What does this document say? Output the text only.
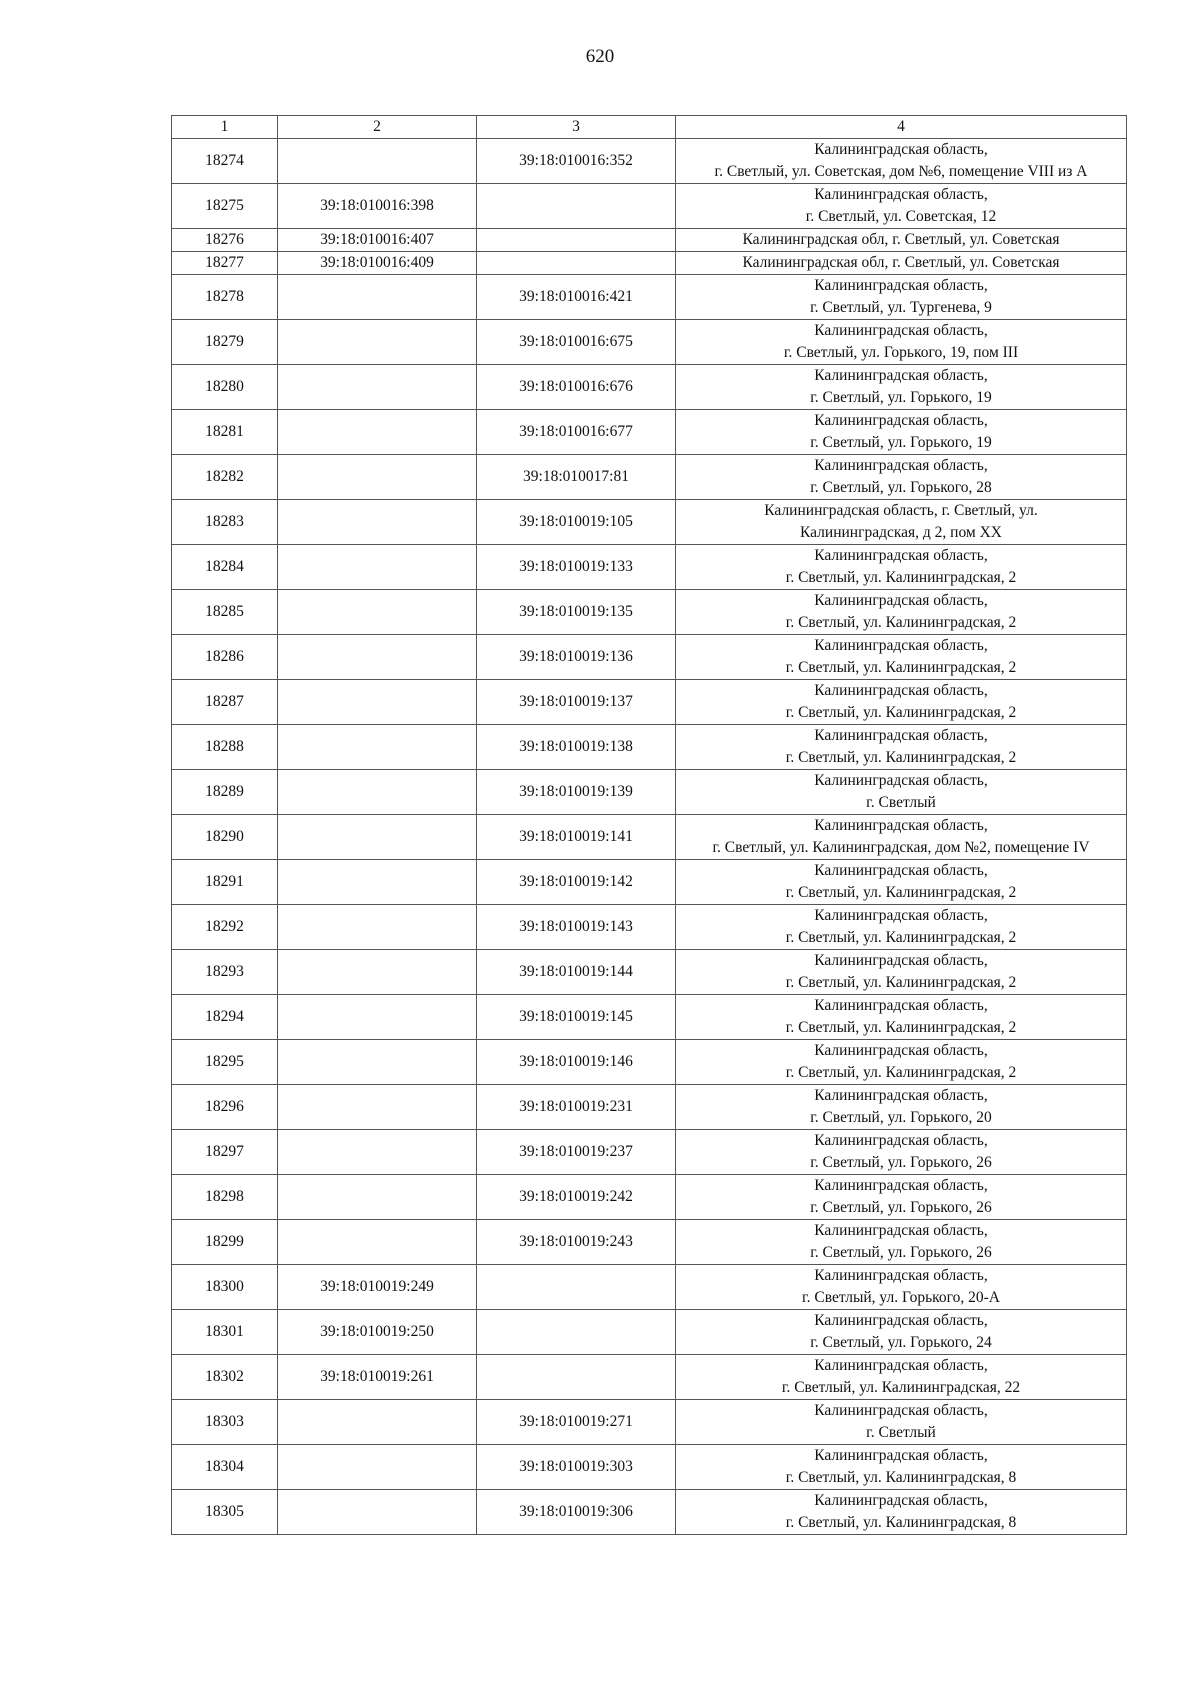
620
1	2	3	4
18274		39:18:010016:352	Калининградская область,
г. Светлый, ул. Советская, дом №6, помещение VIII из А

18275	39:18:010016:398		Калининградская область,
г. Светлый, ул. Советская, 12

18276	39:18:010016:407		Калининградская обл, г. Светлый, ул. Советская

18277	39:18:010016:409		Калининградская обл, г. Светлый, ул. Советская

18278		39:18:010016:421	Калининградская область,
г. Светлый, ул. Тургенева, 9

18279		39:18:010016:675	Калининградская область,
г. Светлый, ул. Горького, 19, пом III

18280		39:18:010016:676	Калининградская область,
г. Светлый, ул. Горького, 19

18281		39:18:010016:677	Калининградская область,
г. Светлый, ул. Горького, 19

18282		39:18:010017:81	Калининградская область,
г. Светлый, ул. Горького, 28

18283		39:18:010019:105	Калининградская область, г. Светлый, ул.
Калининградская, д 2, пом XX

18284		39:18:010019:133	Калининградская область,
г. Светлый, ул. Калининградская, 2

18285		39:18:010019:135	Калининградская область,
г. Светлый, ул. Калининградская, 2

18286		39:18:010019:136	Калининградская область,
г. Светлый, ул. Калининградская, 2

18287		39:18:010019:137	Калининградская область,
г. Светлый, ул. Калининградская, 2

18288		39:18:010019:138	Калининградская область,
г. Светлый, ул. Калининградская, 2

18289		39:18:010019:139	Калининградская область,
г. Светлый

18290		39:18:010019:141	Калининградская область,
г. Светлый, ул. Калининградская, дом №2, помещение IV

18291		39:18:010019:142	Калининградская область,
г. Светлый, ул. Калининградская, 2

18292		39:18:010019:143	Калининградская область,
г. Светлый, ул. Калининградская, 2

18293		39:18:010019:144	Калининградская область,
г. Светлый, ул. Калининградская, 2

18294		39:18:010019:145	Калининградская область,
г. Светлый, ул. Калининградская, 2

18295		39:18:010019:146	Калининградская область,
г. Светлый, ул. Калининградская, 2

18296		39:18:010019:231	Калининградская область,
г. Светлый, ул. Горького, 20

18297		39:18:010019:237	Калининградская область,
г. Светлый, ул. Горького, 26

18298		39:18:010019:242	Калининградская область,
г. Светлый, ул. Горького, 26

18299		39:18:010019:243	Калининградская область,
г. Светлый, ул. Горького, 26

18300	39:18:010019:249		Калининградская область,
г. Светлый, ул. Горького, 20-А

18301	39:18:010019:250		Калининградская область,
г. Светлый, ул. Горького, 24

18302	39:18:010019:261		Калининградская область,
г. Светлый, ул. Калининградская, 22

18303		39:18:010019:271	Калининградская область,
г. Светлый

18304		39:18:010019:303	Калининградская область,
г. Светлый, ул. Калининградская, 8

18305		39:18:010019:306	Калининградская область,
г. Светлый, ул. Калининградская, 8
